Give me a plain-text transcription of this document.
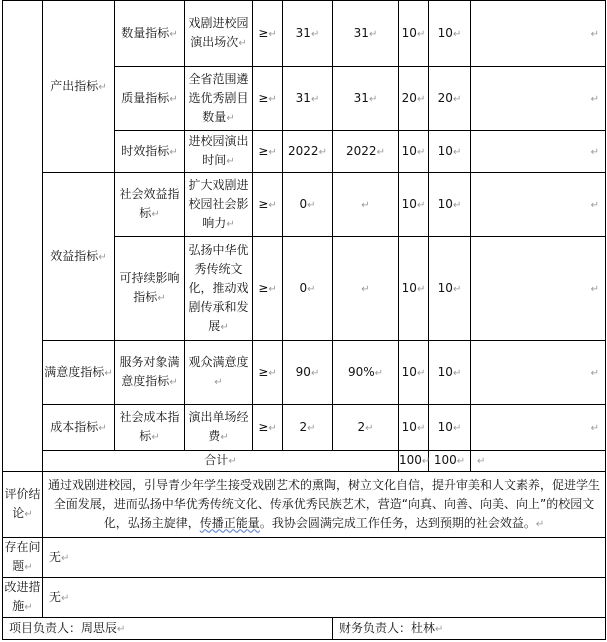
	产出指标↵	数量指标↵	戏剧进校园演出场次↵	≥↵	31↵	31↵	10↵	10↵	↵
		质量指标↵	全省范围遴选优秀剧目数量↵	≥↵	31↵	31↵	20↵	20↵	↵
		时效指标↵	进校园演出时间↵	≥↵	2022↵	2022↵	10↵	10↵	↵
	效益指标↵	社会效益指标↵	扩大戏剧进校园社会影响力↵	≥↵	0↵	↵	10↵	10↵	↵
		可持续影响指标↵	弘扬中华优秀传统文化，推动戏剧传承和发展↵	≥↵	0↵	↵	10↵	10↵	↵
	满意度指标↵	服务对象满意度指标↵	观众满意度↵	≥↵	90↵	90%↵	10↵	10↵	↵
	成本指标↵	社会成本指标↵	演出单场经费↵	≥↵	2↵	2↵	10↵	10↵	↵
	合计↵						100↵	100↵	↵
评价结论↵	通过戏剧进校园，引导青少年学生接受戏剧艺术的熏陶，树立文化自信，提升审美和人文素养，促进学生全面发展，进而弘扬中华优秀传统文化、传承优秀民族艺术，营造“向真、向善、向美、向上”的校园文化，弘扬主旋律，传播正能量。我协会圆满完成工作任务，达到预期的社会效益。↵								
存在问题↵	无↵								
改进措施↵	无↵								
项目负责人：周思辰↵						财务负责人：杜林↵			
